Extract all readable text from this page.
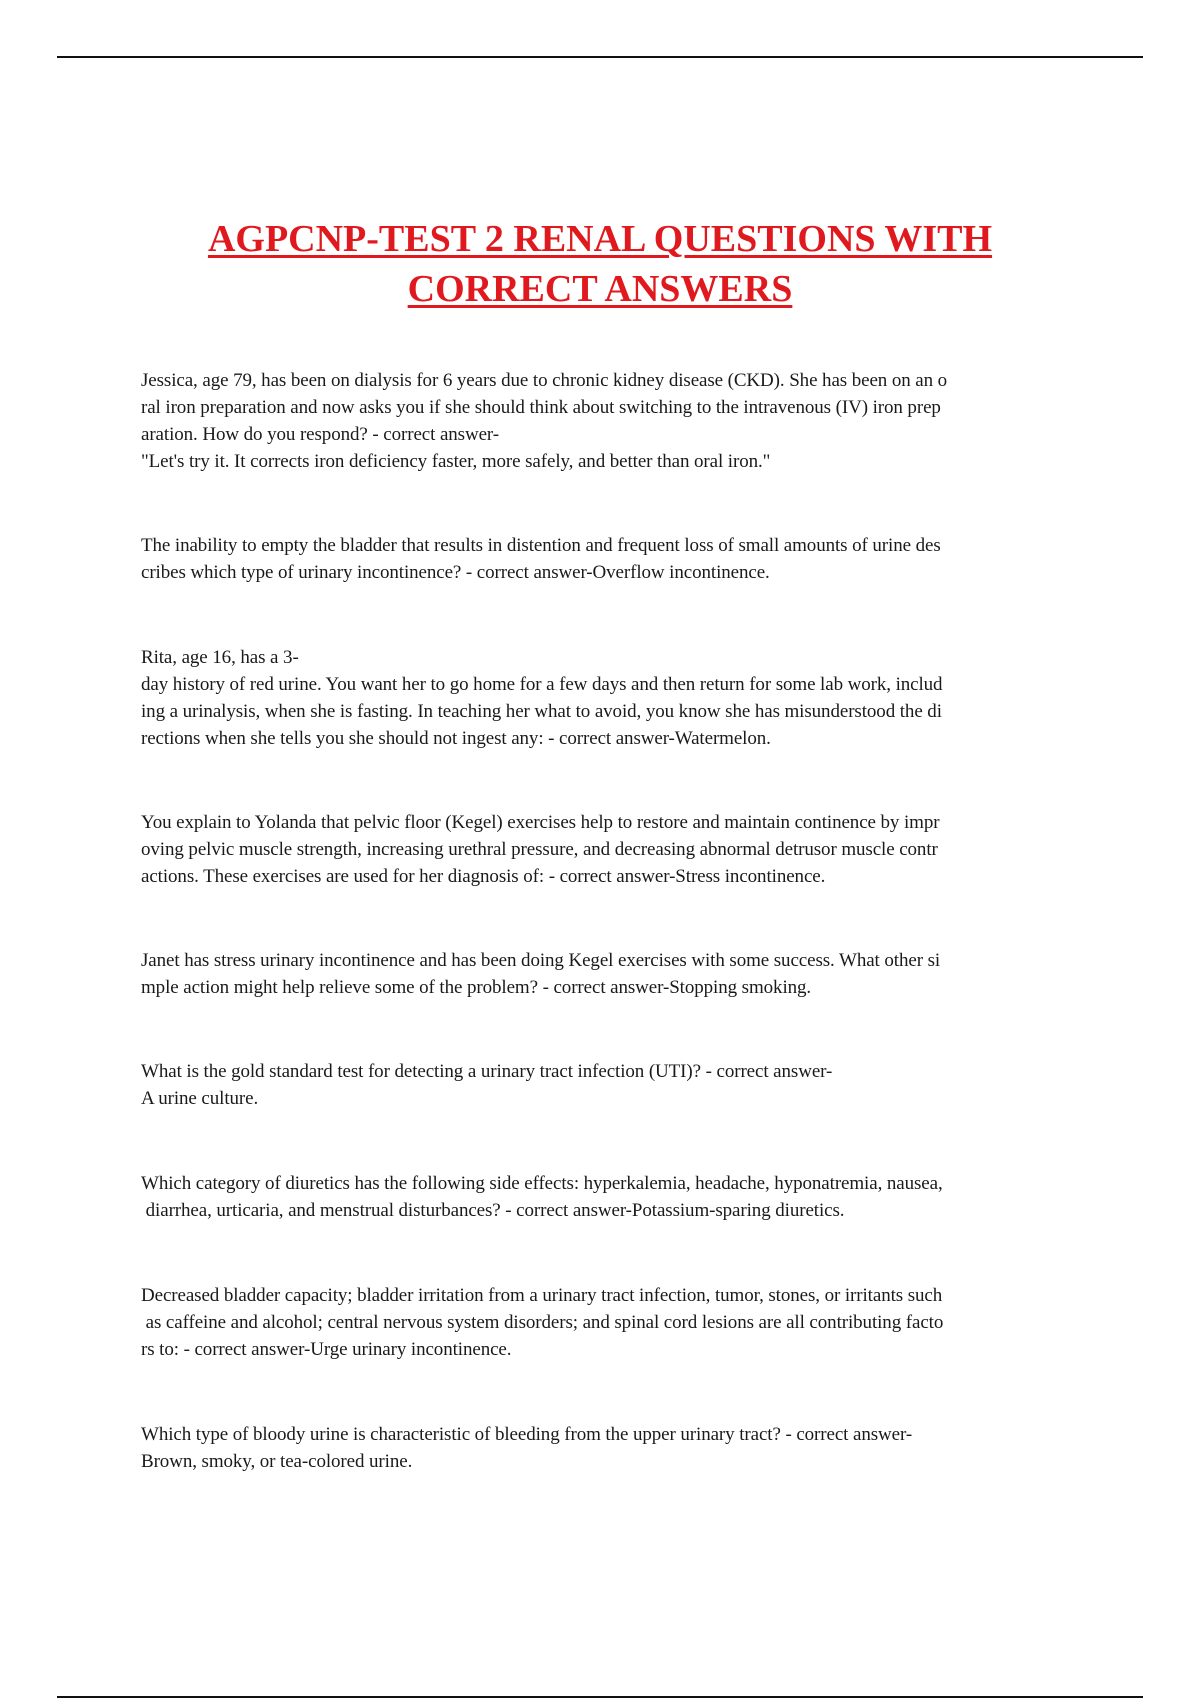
AGPCNP-TEST 2 RENAL QUESTIONS WITH
CORRECT ANSWERS

Jessica, age 79, has been on dialysis for 6 years due to chronic kidney disease (CKD). She has been on an o
ral iron preparation and now asks you if she should think about switching to the intravenous (IV) iron prep
aration. How do you respond? - correct answer-
"Let's try it. It corrects iron deficiency faster, more safely, and better than oral iron."

The inability to empty the bladder that results in distention and frequent loss of small amounts of urine des
cribes which type of urinary incontinence? - correct answer-Overflow incontinence.

Rita, age 16, has a 3-
day history of red urine. You want her to go home for a few days and then return for some lab work, includ
ing a urinalysis, when she is fasting. In teaching her what to avoid, you know she has misunderstood the di
rections when she tells you she should not ingest any: - correct answer-Watermelon.

You explain to Yolanda that pelvic floor (Kegel) exercises help to restore and maintain continence by impr
oving pelvic muscle strength, increasing urethral pressure, and decreasing abnormal detrusor muscle contr
actions. These exercises are used for her diagnosis of: - correct answer-Stress incontinence.

Janet has stress urinary incontinence and has been doing Kegel exercises with some success. What other si
mple action might help relieve some of the problem? - correct answer-Stopping smoking.

What is the gold standard test for detecting a urinary tract infection (UTI)? - correct answer-
A urine culture.

Which category of diuretics has the following side effects: hyperkalemia, headache, hyponatremia, nausea,
diarrhea, urticaria, and menstrual disturbances? - correct answer-Potassium-sparing diuretics.

Decreased bladder capacity; bladder irritation from a urinary tract infection, tumor, stones, or irritants such
as caffeine and alcohol; central nervous system disorders; and spinal cord lesions are all contributing facto
rs to: - correct answer-Urge urinary incontinence.

Which type of bloody urine is characteristic of bleeding from the upper urinary tract? - correct answer-
Brown, smoky, or tea-colored urine.
